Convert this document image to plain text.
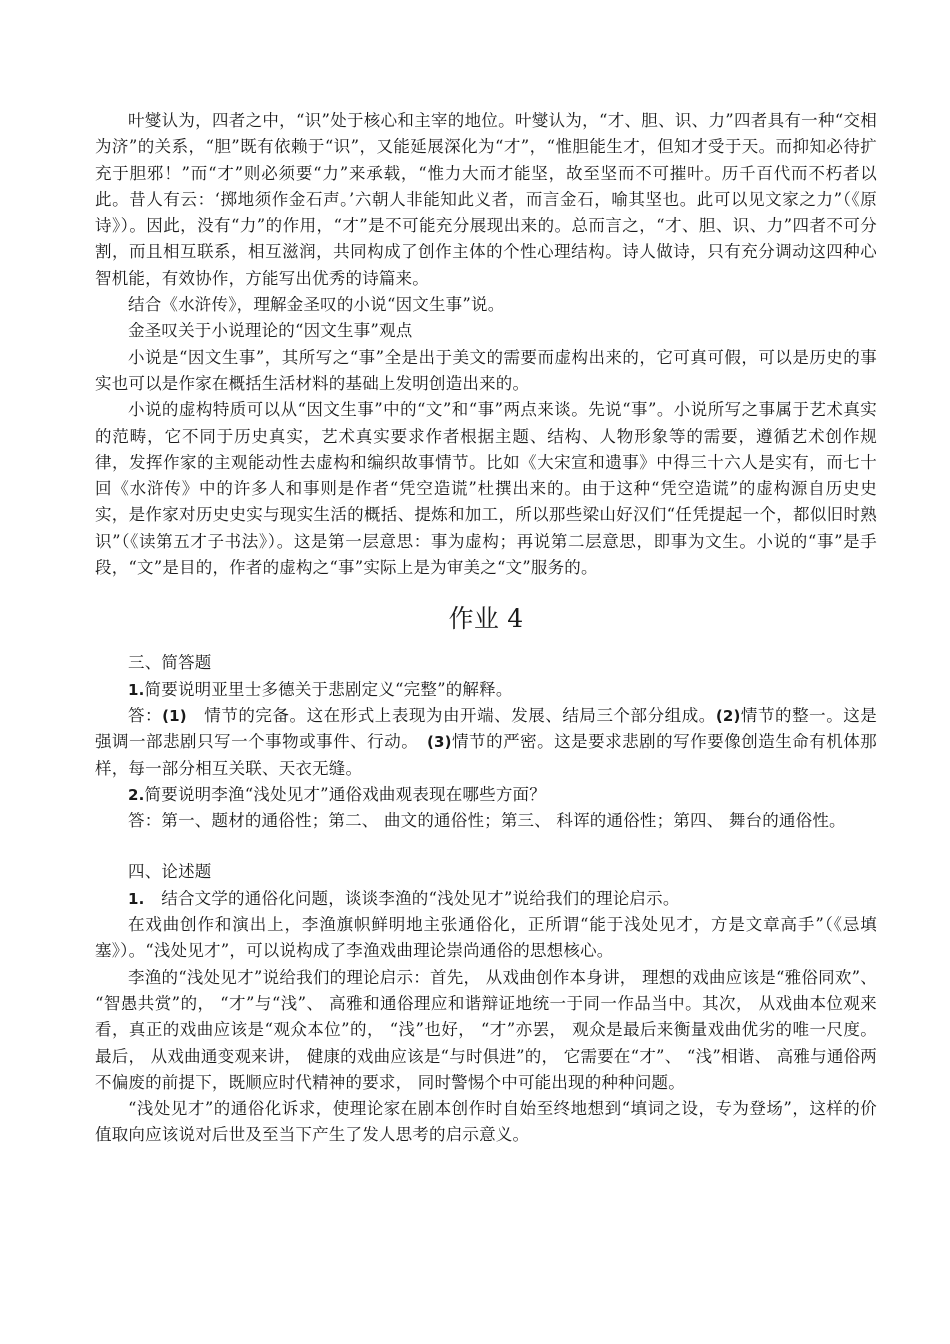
叶燮认为，四者之中，“识”处于核心和主宰的地位。叶燮认为，“才、胆、识、力”四者具有一种“交相为济”的关系，“胆”既有依赖于“识”，又能延展深化为“才”，“惟胆能生才，但知才受于天。而抑知必待扩充于胆邪！”而“才”则必须要“力”来承载，“惟力大而才能坚，故至坚而不可摧叶。历千百代而不朽者以此。昔人有云：‘掷地须作金石声。’六朝人非能知此义者，而言金石，喻其坚也。此可以见文家之力”（《原诗》）。因此，没有“力”的作用，“才”是不可能充分展现出来的。总而言之，“才、胆、识、力”四者不可分割，而且相互联系，相互滋润，共同构成了创作主体的个性心理结构。诗人做诗，只有充分调动这四种心智机能，有效协作，方能写出优秀的诗篇来。

结合《水浒传》，理解金圣叹的小说“因文生事”说。

金圣叹关于小说理论的“因文生事”观点

小说是“因文生事”，其所写之“事”全是出于美文的需要而虚构出来的，它可真可假，可以是历史的事实也可以是作家在概括生活材料的基础上发明创造出来的。

小说的虚构特质可以从“因文生事”中的“文”和“事”两点来谈。先说“事”。小说所写之事属于艺术真实的范畴，它不同于历史真实，艺术真实要求作者根据主题、结构、人物形象等的需要，遵循艺术创作规律，发挥作家的主观能动性去虚构和编织故事情节。比如《大宋宣和遗事》中得三十六人是实有，而七十回《水浒传》中的许多人和事则是作者“凭空造谎”杜撰出来的。由于这种“凭空造谎”的虚构源自历史史实，是作家对历史史实与现实生活的概括、提炼和加工，所以那些梁山好汉们“任凭提起一个，都似旧时熟识”（《读第五才子书法》）。这是第一层意思：事为虚构；再说第二层意思，即事为文生。小说的“事”是手段，“文”是目的，作者的虚构之“事”实际上是为审美之“文”服务的。

作业 4

三、简答题

1.简要说明亚里士多德关于悲剧定义“完整”的解释。

答：(1)　情节的完备。这在形式上表现为由开端、发展、结局三个部分组成。(2)情节的整一。这是强调一部悲剧只写一个事物或事件、行动。　(3)情节的严密。这是要求悲剧的写作要像创造生命有机体那样，每一部分相互关联、天衣无缝。

2.简要说明李渔“浅处见才”通俗戏曲观表现在哪些方面？

答：第一、题材的通俗性；第二、 曲文的通俗性；第三、 科诨的通俗性；第四、 舞台的通俗性。

四、论述题

1.　结合文学的通俗化问题，谈谈李渔的“浅处见才”说给我们的理论启示。

在戏曲创作和演出上，李渔旗帜鲜明地主张通俗化，正所谓“能于浅处见才，方是文章高手”（《忌填塞》）。“浅处见才”，可以说构成了李渔戏曲理论崇尚通俗的思想核心。

李渔的“浅处见才”说给我们的理论启示：首先， 从戏曲创作本身讲， 理想的戏曲应该是“雅俗同欢”、 “智愚共赏”的， “才”与“浅”、 高雅和通俗理应和谐辩证地统一于同一作品当中。其次， 从戏曲本位观来看，真正的戏曲应该是“观众本位”的， “浅”也好， “才”亦罢， 观众是最后来衡量戏曲优劣的唯一尺度。 最后， 从戏曲通变观来讲， 健康的戏曲应该是“与时俱进”的， 它需要在“才”、 “浅”相谐、 高雅与通俗两不偏废的前提下，既顺应时代精神的要求， 同时警惕个中可能出现的种种问题。

“浅处见才”的通俗化诉求，使理论家在剧本创作时自始至终地想到“填词之设，专为登场”，这样的价值取向应该说对后世及至当下产生了发人思考的启示意义。
